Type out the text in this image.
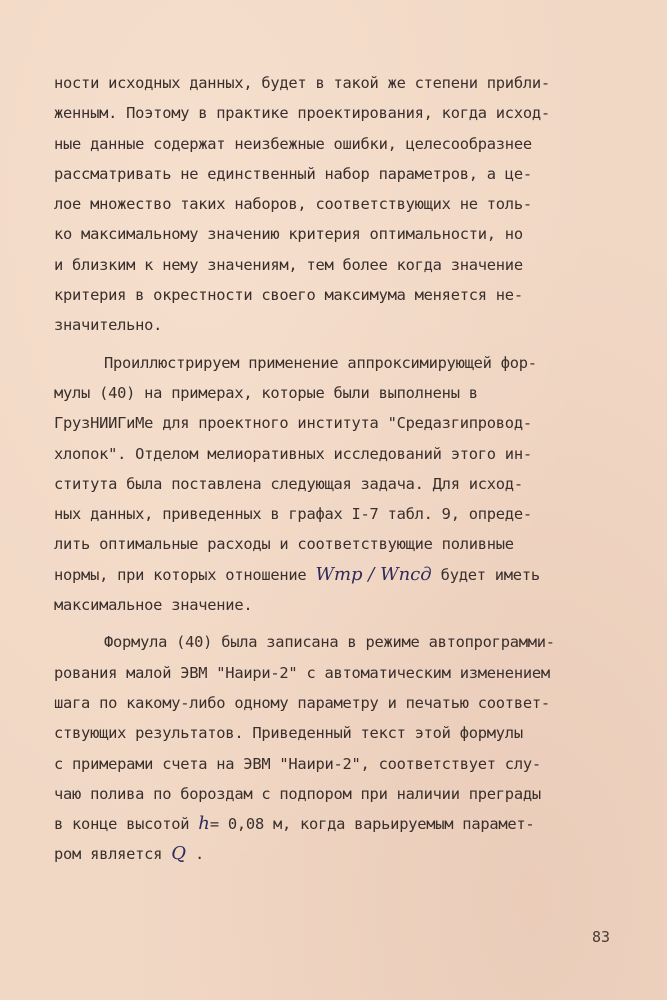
ности исходных данных, будет в такой же степени прибли-
женным. Поэтому в практике проектирования, когда исход-
ные данные содержат неизбежные ошибки, целесообразнее
рассматривать не единственный набор параметров, а це-
лое множество таких наборов, соответствующих не толь-
ко максимальному значению критерия оптимальности, но
и близким к нему значениям, тем более когда значение
критерия в окрестности своего максимума меняется не-
значительно.
Проиллюстрируем применение аппроксимирующей фор-
мулы (40) на примерах, которые были выполнены в
ГрузНИИГиМе для проектного института "Средазгипровод-
хлопок". Отделом мелиоративных исследований этого ин-
ститута была поставлена следующая задача. Для исход-
ных данных, приведенных в графах I-7 табл. 9, опреде-
лить оптимальные расходы и соответствующие поливные
нормы, при которых отношение Wтр / Wпсд будет иметь
максимальное значение.
Формула (40) была записана в режиме автопрограмми-
рования малой ЭВМ "Наири-2" с автоматическим изменением
шага по какому-либо одному параметру и печатью соответ-
ствующих результатов. Приведенный текст этой формулы
с примерами счета на ЭВМ "Наири-2", соответствует слу-
чаю полива по бороздам с подпором при наличии преграды
в конце высотой h= 0,08 м, когда варьируемым парамет-
ром является Q .
83
